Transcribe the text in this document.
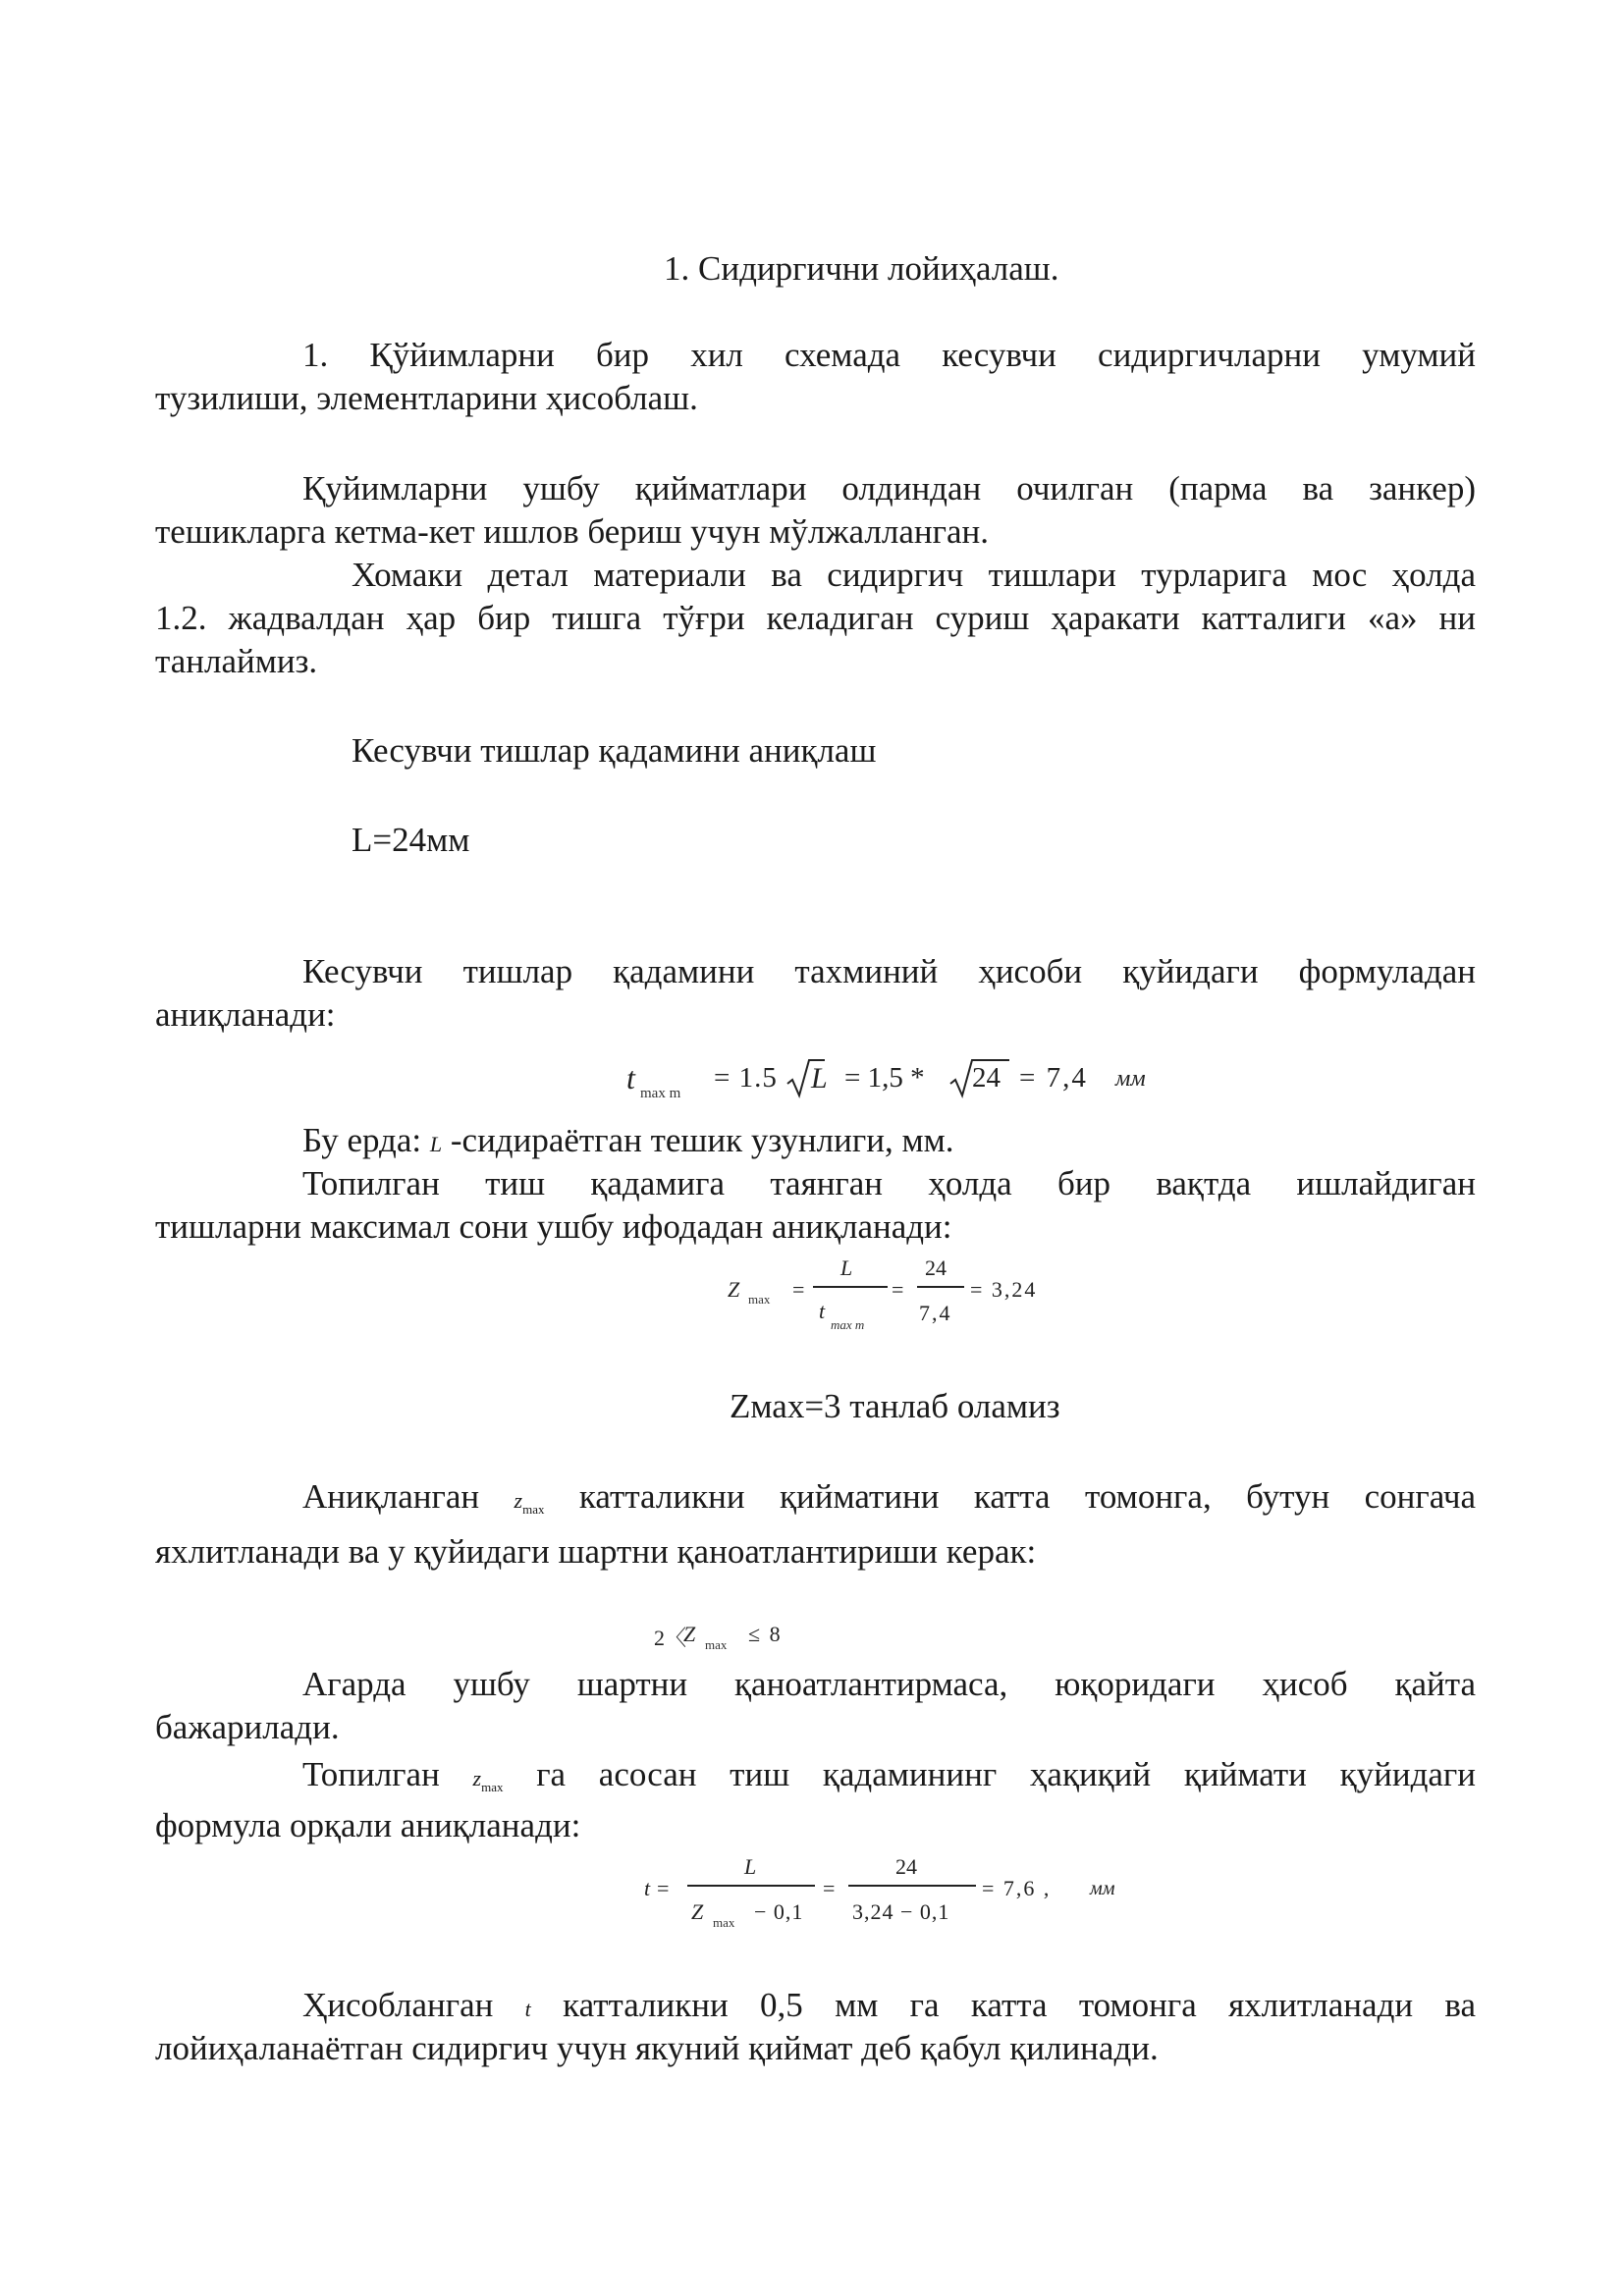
1. Сидиргични лойиҳалаш.
1. Қўйимларни бир хил схемада кесувчи сидиргичларни умумий
тузилиши, элементларини ҳисоблаш.
Қуйимларни ушбу қийматлари олдиндан очилган (парма ва занкер)
тешикларга кетма-кет ишлов бериш учун мўлжалланган.
Хомаки детал материали ва сидиргич тишлари турларига мос ҳолда
1.2. жадвалдан ҳар бир тишга тўғри келадиган суриш ҳаракати катталиги «а» ни
танлаймиз.
Кесувчи тишлар қадамини аниқлаш
L=24мм
Кесувчи тишлар қадамини тахминий ҳисоби қуйидаги формуладан
аниқланади:
t max m = 1.5 L = 1,5 * 24 = 7,4 мм
Бу ерда: L -сидираётган тешик узунлиги, мм.
Топилган тиш қадамига таянган ҳолда бир вақтда ишлайдиган
тишларни максимал сони ушбу ифодадан аниқланади:
Z max =
L
t
max m
=
24
7,4
= 3,24
Zмах=3 танлаб оламиз
Аниқланган zmax катталикни қийматини катта томонга, бутун сонгача
яхлитланади ва у қуйидаги шартни қаноатлантириши керак:
2〈
Z max ≤ 8
Агарда ушбу шартни қаноатлантирмаса, юқоридаги ҳисоб қайта
бажарилади.
Топилган zmax га асосан тиш қадамининг ҳақиқий қиймати қуйидаги
формула орқали аниқланади:
t =
L
Z max − 0,1
=
24
3,24 − 0,1
= 7,6 , мм
Ҳисобланган t катталикни 0,5 мм га катта томонга яхлитланади ва
лойиҳаланаётган сидиргич учун якуний қиймат деб қабул қилинади.
